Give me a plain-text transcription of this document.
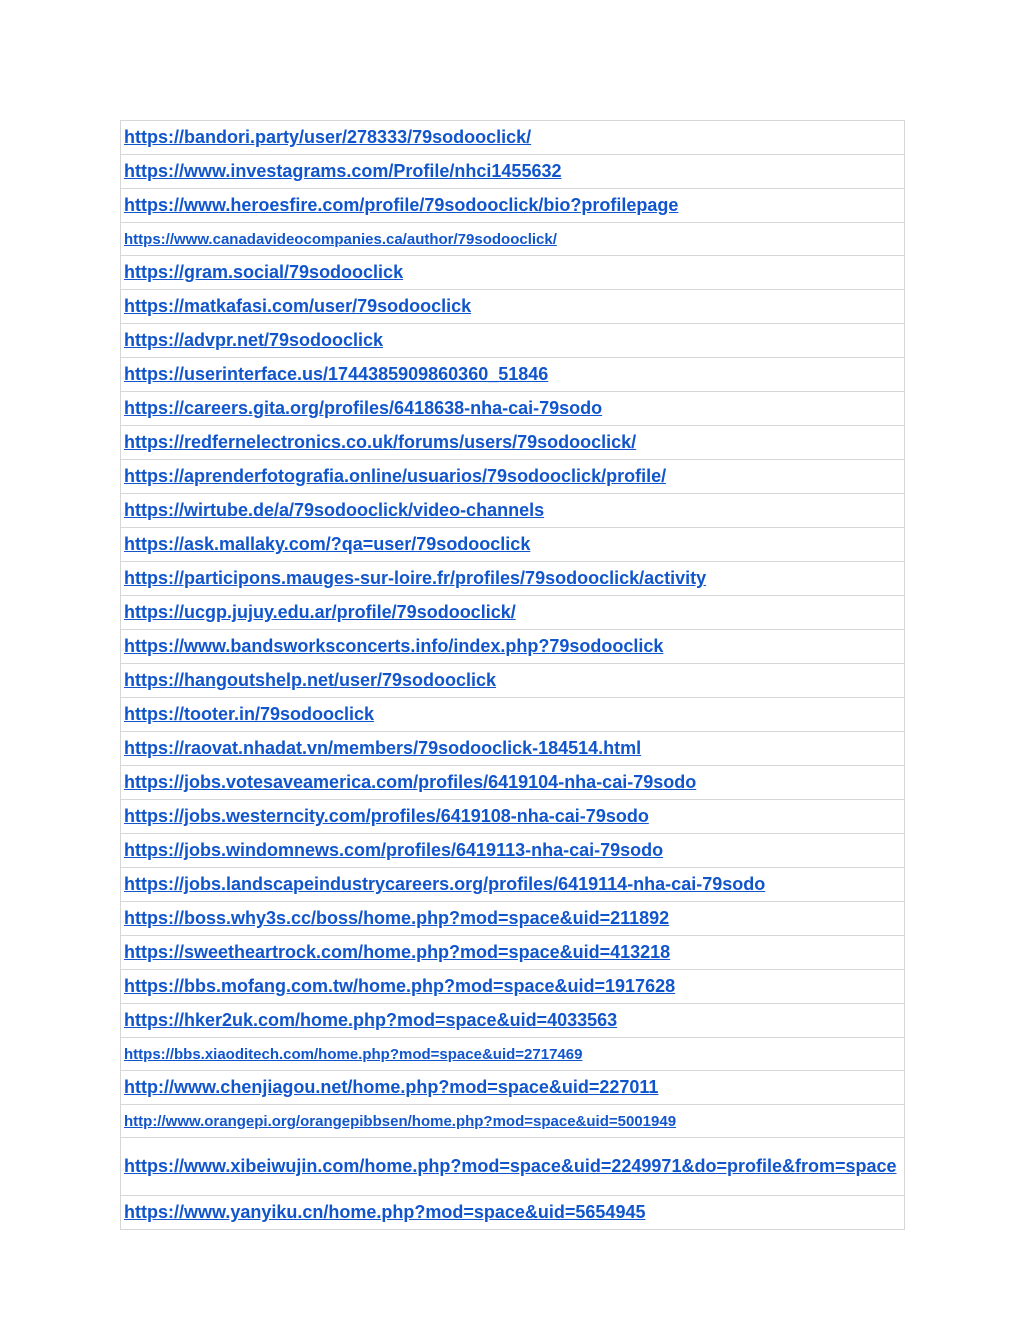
https://bandori.party/user/278333/79sodooclick/
https://www.investagrams.com/Profile/nhci1455632
https://www.heroesfire.com/profile/79sodooclick/bio?profilepage
https://www.canadavideocompanies.ca/author/79sodooclick/
https://gram.social/79sodooclick
https://matkafasi.com/user/79sodooclick
https://advpr.net/79sodooclick
https://userinterface.us/1744385909860360_51846
https://careers.gita.org/profiles/6418638-nha-cai-79sodo
https://redfernelectronics.co.uk/forums/users/79sodooclick/
https://aprenderfotografia.online/usuarios/79sodooclick/profile/
https://wirtube.de/a/79sodooclick/video-channels
https://ask.mallaky.com/?qa=user/79sodooclick
https://participons.mauges-sur-loire.fr/profiles/79sodooclick/activity
https://ucgp.jujuy.edu.ar/profile/79sodooclick/
https://www.bandsworksconcerts.info/index.php?79sodooclick
https://hangoutshelp.net/user/79sodooclick
https://tooter.in/79sodooclick
https://raovat.nhadat.vn/members/79sodooclick-184514.html
https://jobs.votesaveamerica.com/profiles/6419104-nha-cai-79sodo
https://jobs.westerncity.com/profiles/6419108-nha-cai-79sodo
https://jobs.windomnews.com/profiles/6419113-nha-cai-79sodo
https://jobs.landscapeindustrycareers.org/profiles/6419114-nha-cai-79sodo
https://boss.why3s.cc/boss/home.php?mod=space&uid=211892
https://sweetheartrock.com/home.php?mod=space&uid=413218
https://bbs.mofang.com.tw/home.php?mod=space&uid=1917628
https://hker2uk.com/home.php?mod=space&uid=4033563
https://bbs.xiaoditech.com/home.php?mod=space&uid=2717469
http://www.chenjiagou.net/home.php?mod=space&uid=227011
http://www.orangepi.org/orangepibbsen/home.php?mod=space&uid=5001949
https://www.xibeiwujin.com/home.php?mod=space&uid=2249971&do=profile&from=space
https://www.yanyiku.cn/home.php?mod=space&uid=5654945
